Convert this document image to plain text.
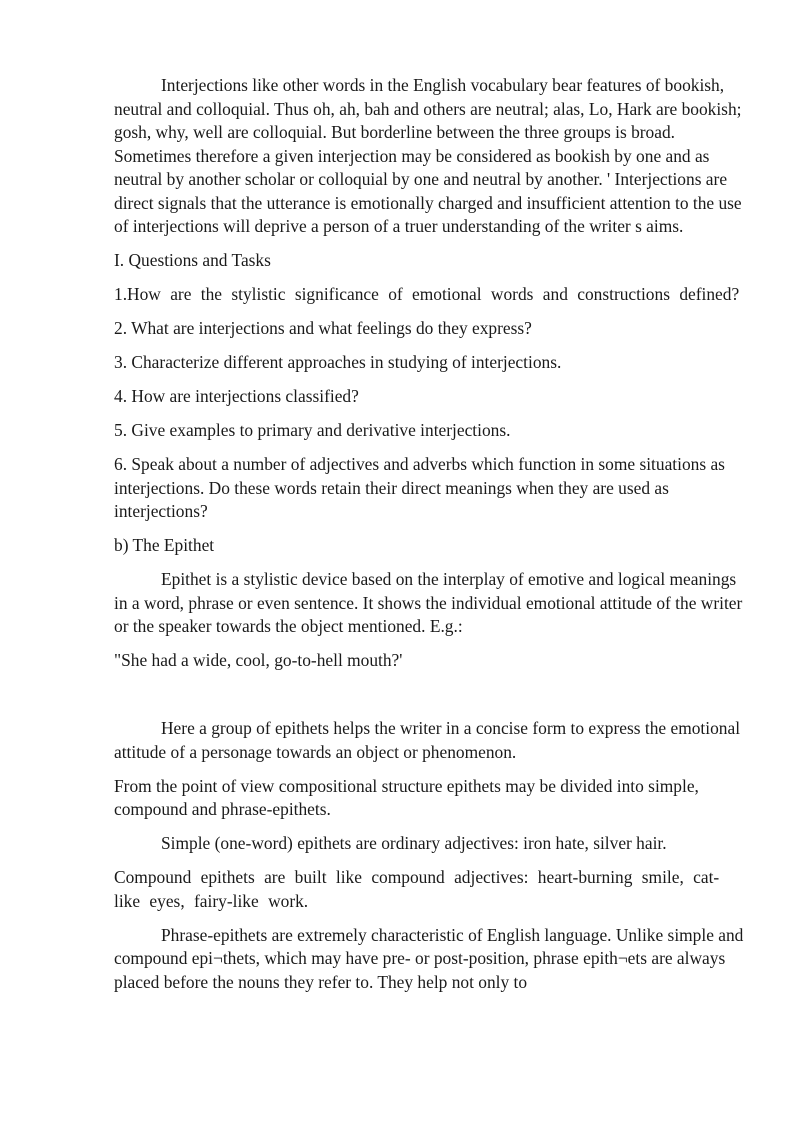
Interjections like other words in the English vocabulary bear features of bookish, neutral and colloquial. Thus oh, ah, bah and others are neutral; alas, Lo, Hark are bookish; gosh, why, well are colloquial. But borderline between the three groups is broad. Sometimes therefore a given interjection may be considered as bookish by one and as neutral by another scholar or colloquial by one and neutral by another. ' Interjections are direct signals that the utterance is emotionally charged and insufficient attention to the use of interjections will deprive a person of a truer understanding of the writer s aims.

I. Questions and Tasks

1.How are the stylistic significance of emotional words and constructions defined?

2. What are interjections and what feelings do they express?

3. Characterize different approaches in studying of interjections.

4. How are interjections classified?

5. Give examples to primary and derivative interjections.

6. Speak about a number of adjectives and adverbs which function in some situations as interjections. Do these words retain their direct meanings when they are used as interjections?

b) The Epithet

Epithet is a stylistic device based on the interplay of emotive and logical meanings in a word, phrase or even sentence. It shows the individual emotional attitude of the writer or the speaker towards the object mentioned. E.g.:

"She had a wide, cool, go-to-hell mouth?'

Here a group of epithets helps the writer in a concise form to express the emotional attitude of a personage towards an object or phenomenon.

From the point of view compositional structure epithets may be divided into simple, compound and phrase-epithets.

Simple (one-word) epithets are ordinary adjectives: iron hate, silver hair.

Compound epithets are built like compound adjectives: heart-burning smile, cat-like eyes, fairy-like work.

Phrase-epithets are extremely characteristic of English language. Unlike simple and compound epi¬thets, which may have pre- or post-position, phrase epith¬ets are always placed before the nouns they refer to. They help not only to
